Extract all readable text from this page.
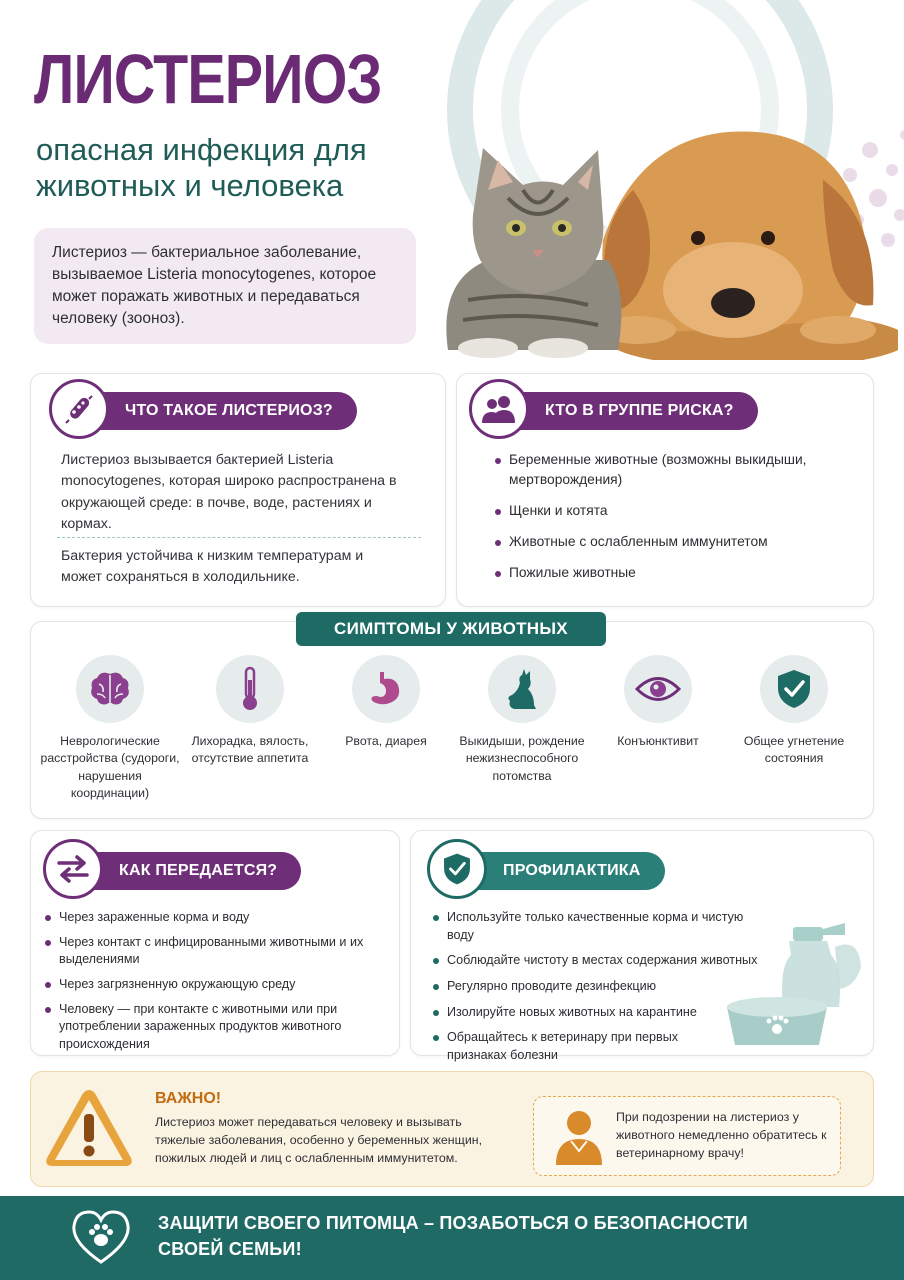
ЛИСТЕРИОЗ
опасная инфекция для животных и человека
Листериоз — бактериальное заболевание, вызываемое Listeria monocytogenes, которое может поражать животных и передаваться человеку (зооноз).
ЧТО ТАКОЕ ЛИСТЕРИОЗ?
Листериоз вызывается бактерией Listeria monocytogenes, которая широко распространена в окружающей среде: в почве, воде, растениях и кормах.
Бактерия устойчива к низким температурам и может сохраняться в холодильнике.
КТО В ГРУППЕ РИСКА?
Беременные животные (возможны выкидыши, мертворождения)
Щенки и котята
Животные с ослабленным иммунитетом
Пожилые животные
СИМПТОМЫ У ЖИВОТНЫХ
Неврологические расстройства (судороги, нарушения координации)
Лихорадка, вялость, отсутствие аппетита
Рвота, диарея	Выкидыши, рождение нежизнеспособного потомства
Конъюнктивит	Общее угнетение состояния
КАК ПЕРЕДАЕТСЯ?
Через зараженные корма и воду
Через контакт с инфицированными животными и их выделениями
Через загрязненную окружающую среду
Человеку — при контакте с животными или при употреблении зараженных продуктов животного происхождения
ПРОФИЛАКТИКА
Используйте только качественные корма и чистую воду
Соблюдайте чистоту в местах содержания животных
Регулярно проводите дезинфекцию
Изолируйте новых животных на карантине
Обращайтесь к ветеринару при первых признаках болезни
ВАЖНО!
Листериоз может передаваться человеку и вызывать тяжелые заболевания, особенно у беременных женщин, пожилых людей и лиц с ослабленным иммунитетом.
При подозрении на листериоз у животного немедленно обратитесь к ветеринарному врачу!
ЗАЩИТИ СВОЕГО ПИТОМЦА – ПОЗАБОТЬСЯ О БЕЗОПАСНОСТИ СВОЕЙ СЕМЬИ!
